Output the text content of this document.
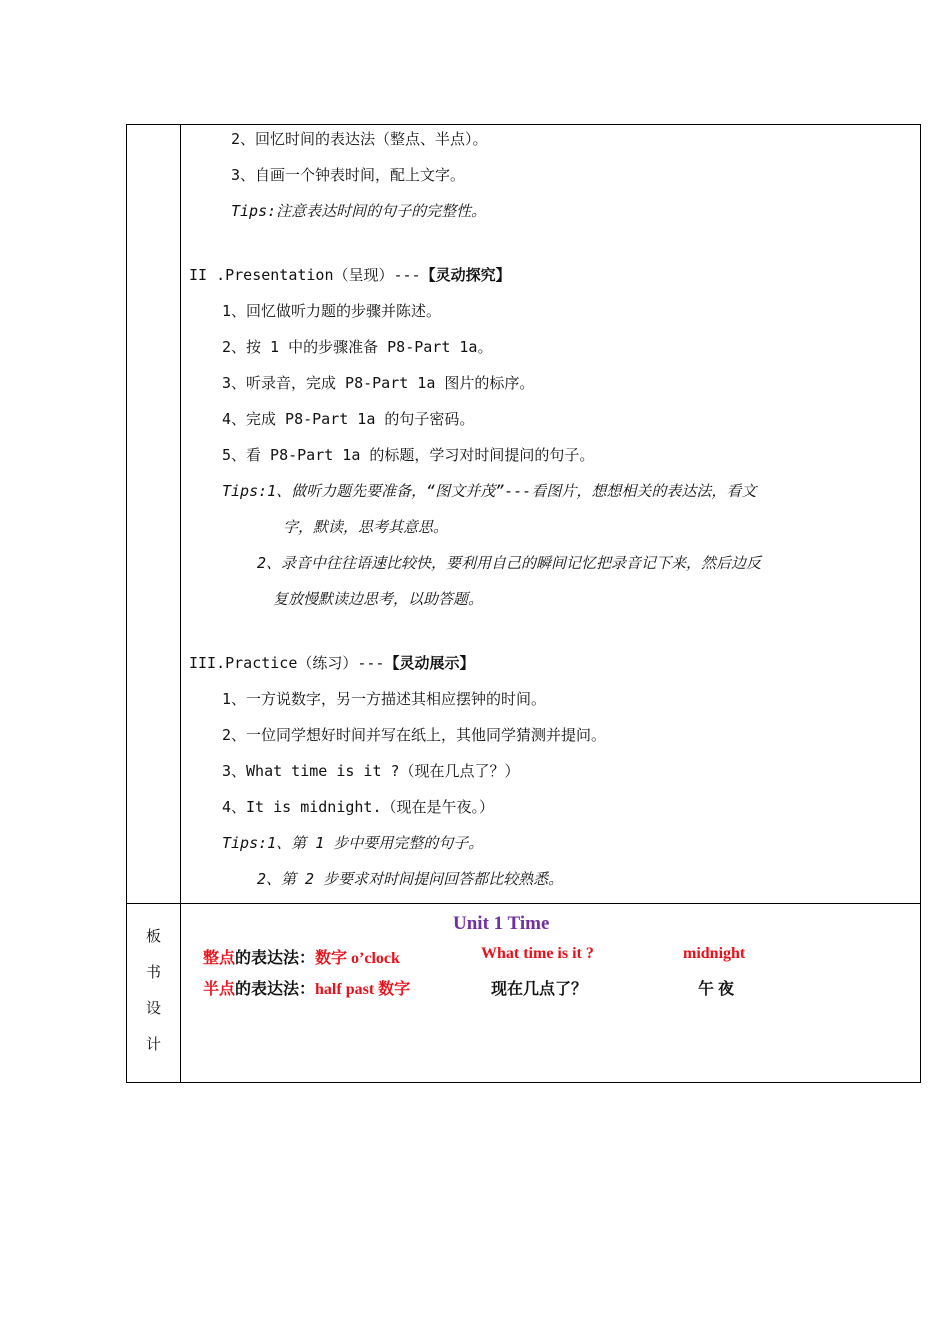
2、回忆时间的表达法（整点、半点）。
3、自画一个钟表时间，配上文字。
Tips:注意表达时间的句子的完整性。
II .Presentation（呈现）---【灵动探究】
1、回忆做听力题的步骤并陈述。
2、按 1 中的步骤准备 P8-Part 1a。
3、听录音，完成 P8-Part 1a 图片的标序。
4、完成 P8-Part 1a 的句子密码。
5、看 P8-Part 1a 的标题，学习对时间提问的句子。
Tips:1、做听力题先要准备，“图文并茂”---看图片，想想相关的表达法，看文
字，默读，思考其意思。
2、录音中往往语速比较快，要利用自己的瞬间记忆把录音记下来，然后边反
复放慢默读边思考，以助答题。
III.Practice（练习）---【灵动展示】
1、一方说数字，另一方描述其相应摆钟的时间。
2、一位同学想好时间并写在纸上，其他同学猜测并提问。
3、What time is it ?（现在几点了？）
4、It is midnight.（现在是午夜。）
Tips:1、第 1 步中要用完整的句子。
2、第 2 步要求对时间提问回答都比较熟悉。
板
书
设
计
Unit 1 Time
整点的表达法：数字 o’clock	What time is it ?	midnight
半点的表达法：half past 数字	现在几点了？	午 夜
